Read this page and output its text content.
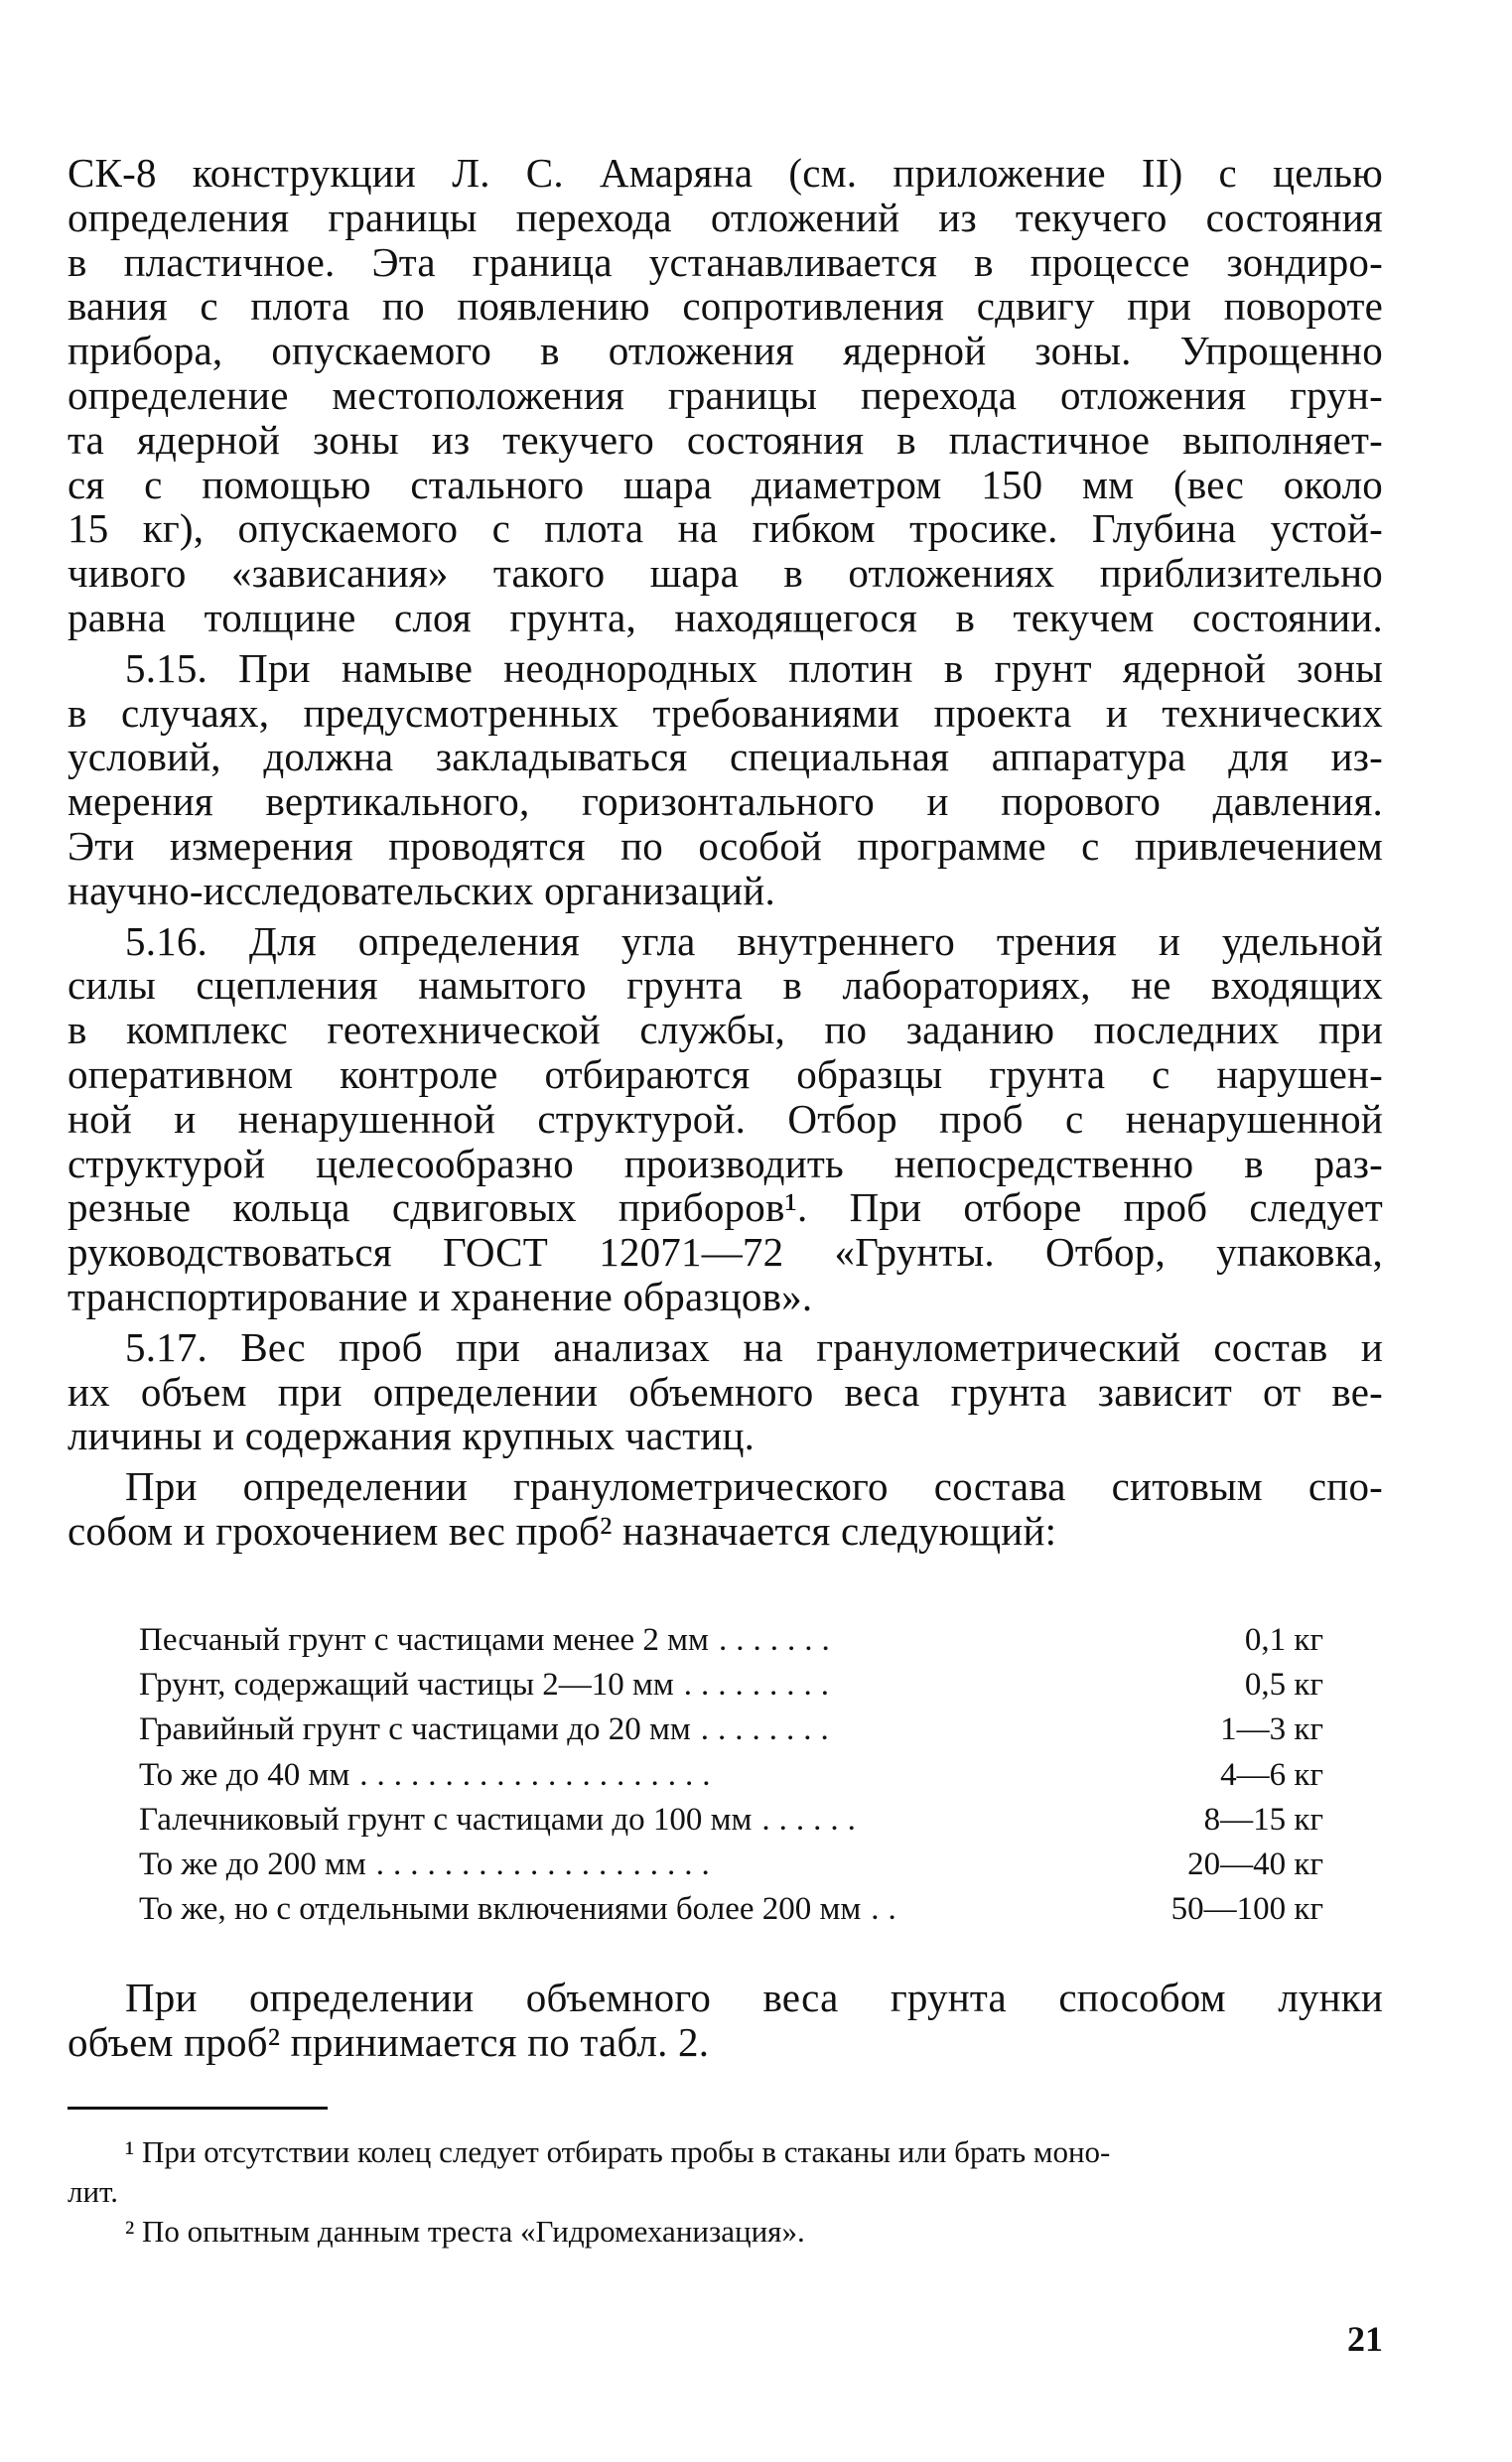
СК-8 конструкции Л. С. Амаряна (см. приложение II) с целью
определения границы перехода отложений из текучего состояния
в пластичное. Эта граница устанавливается в процессе зондиро-
вания с плота по появлению сопротивления сдвигу при повороте
прибора, опускаемого в отложения ядерной зоны. Упрощенно
определение местоположения границы перехода отложения грун-
та ядерной зоны из текучего состояния в пластичное выполняет-
ся с помощью стального шара диаметром 150 мм (вес около
15 кг), опускаемого с плота на гибком тросике. Глубина устой-
чивого «зависания» такого шара в отложениях приблизительно
равна толщине слоя грунта, находящегося в текучем состоянии.
5.15. При намыве неоднородных плотин в грунт ядерной зоны
в случаях, предусмотренных требованиями проекта и технических
условий, должна закладываться специальная аппаратура для из-
мерения вертикального, горизонтального и порового давления.
Эти измерения проводятся по особой программе с привлечением
научно-исследовательских организаций.
5.16. Для определения угла внутреннего трения и удельной
силы сцепления намытого грунта в лабораториях, не входящих
в комплекс геотехнической службы, по заданию последних при
оперативном контроле отбираются образцы грунта с нарушен-
ной и ненарушенной структурой. Отбор проб с ненарушенной
структурой целесообразно производить непосредственно в раз-
резные кольца сдвиговых приборов¹. При отборе проб следует
руководствоваться ГОСТ 12071—72 «Грунты. Отбор, упаковка,
транспортирование и хранение образцов».
5.17. Вес проб при анализах на гранулометрический состав и
их объем при определении объемного веса грунта зависит от ве-
личины и содержания крупных частиц.
При определении гранулометрического состава ситовым спо-
собом и грохочением вес проб² назначается следующий:
Песчаный грунт с частицами менее 2 мм .......	0,1 кг
Грунт, содержащий частицы 2—10 мм .........	0,5 кг
Гравийный грунт с частицами до 20 мм ........	1—3 кг
То же до 40 мм .....................	4—6 кг
Галечниковый грунт с частицами до 100 мм ......	8—15 кг
То же до 200 мм ....................	20—40 кг
То же, но с отдельными включениями более 200 мм ..	50—100 кг
При определении объемного веса грунта способом лунки
объем проб² принимается по табл. 2.
¹ При отсутствии колец следует отбирать пробы в стаканы или брать моно-
лит.
² По опытным данным треста «Гидромеханизация».
21
